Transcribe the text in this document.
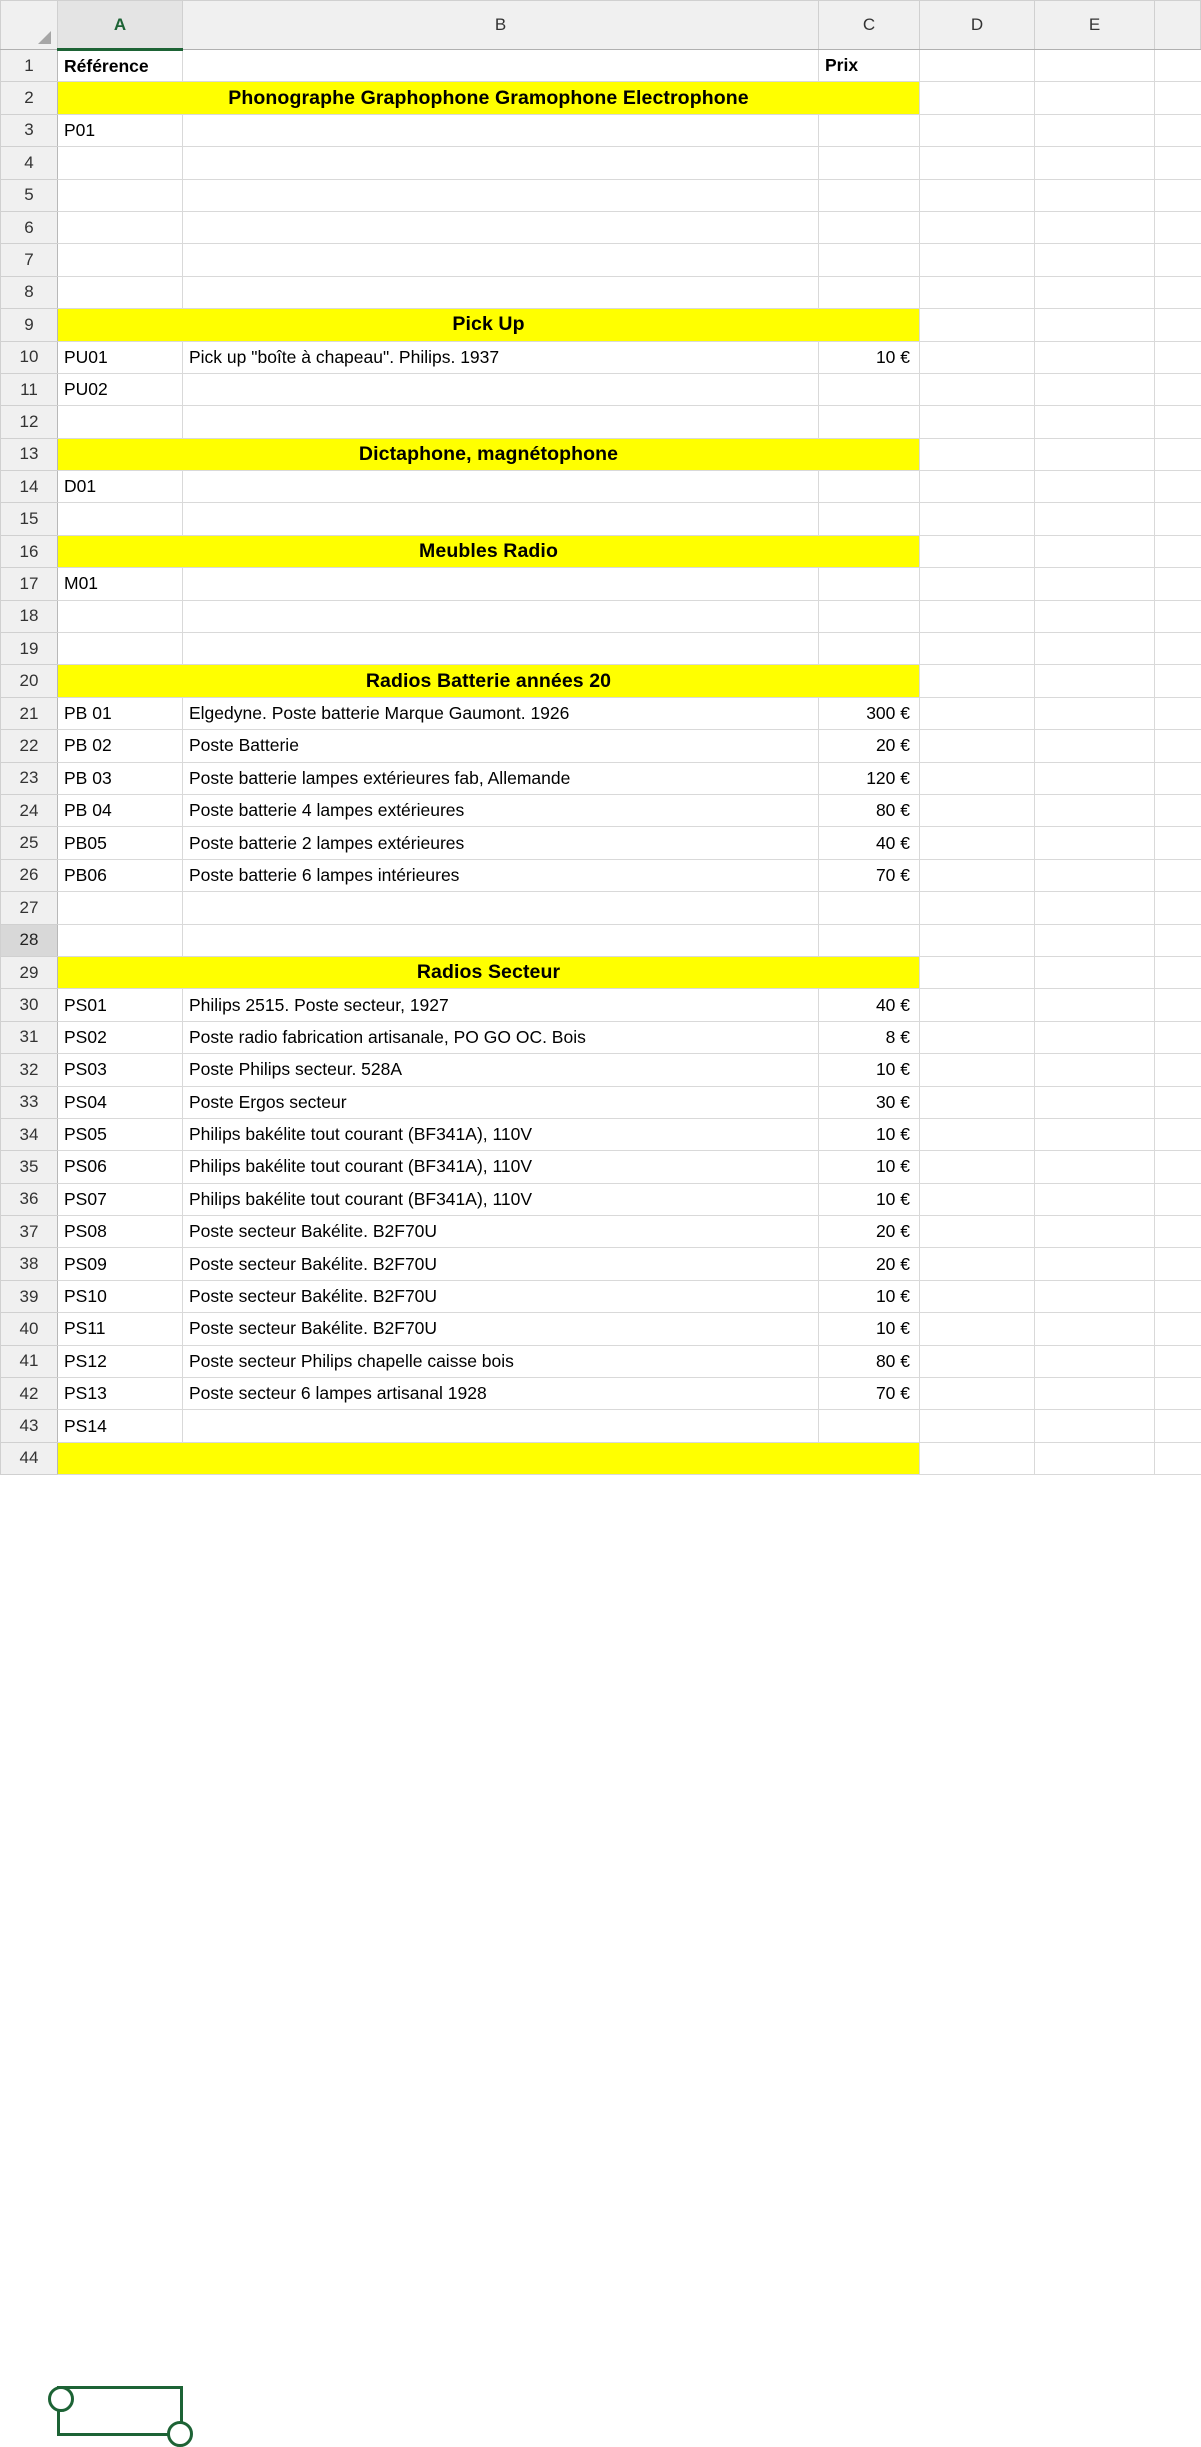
	A	B	C	D	E	
1	Référence		Prix			
2	Phonographe Graphophone Gramophone Electrophone					
3	P01					
4						
5						
6						
7						
8						
9	Pick Up					
10	PU01	Pick up "boîte à chapeau". Philips. 1937	10 €			
11	PU02					
12						
13	Dictaphone, magnétophone					
14	D01					
15						
16	Meubles Radio					
17	M01					
18						
19						
20	Radios Batterie années 20					
21	PB 01	Elgedyne. Poste batterie Marque Gaumont. 1926	300 €			
22	PB 02	Poste Batterie	20 €			
23	PB 03	Poste batterie lampes extérieures fab, Allemande	120 €			
24	PB 04	Poste batterie 4 lampes extérieures	80 €			
25	PB05	Poste batterie 2 lampes extérieures	40 €			
26	PB06	Poste batterie 6 lampes intérieures	70 €			
27						
28						
29	Radios Secteur					
30	PS01	Philips 2515. Poste secteur, 1927	40 €			
31	PS02	Poste radio fabrication artisanale, PO GO OC. Bois	8 €			
32	PS03	Poste Philips secteur. 528A	10 €			
33	PS04	Poste Ergos secteur	30 €			
34	PS05	Philips bakélite tout courant (BF341A), 110V	10 €			
35	PS06	Philips bakélite tout courant (BF341A), 110V	10 €			
36	PS07	Philips bakélite tout courant (BF341A), 110V	10 €			
37	PS08	Poste secteur Bakélite. B2F70U	20 €			
38	PS09	Poste secteur Bakélite. B2F70U	20 €			
39	PS10	Poste secteur Bakélite. B2F70U	10 €			
40	PS11	Poste secteur Bakélite. B2F70U	10 €			
41	PS12	Poste secteur Philips chapelle caisse bois	80 €			
42	PS13	Poste secteur 6 lampes artisanal 1928	70 €			
43	PS14					
44						
